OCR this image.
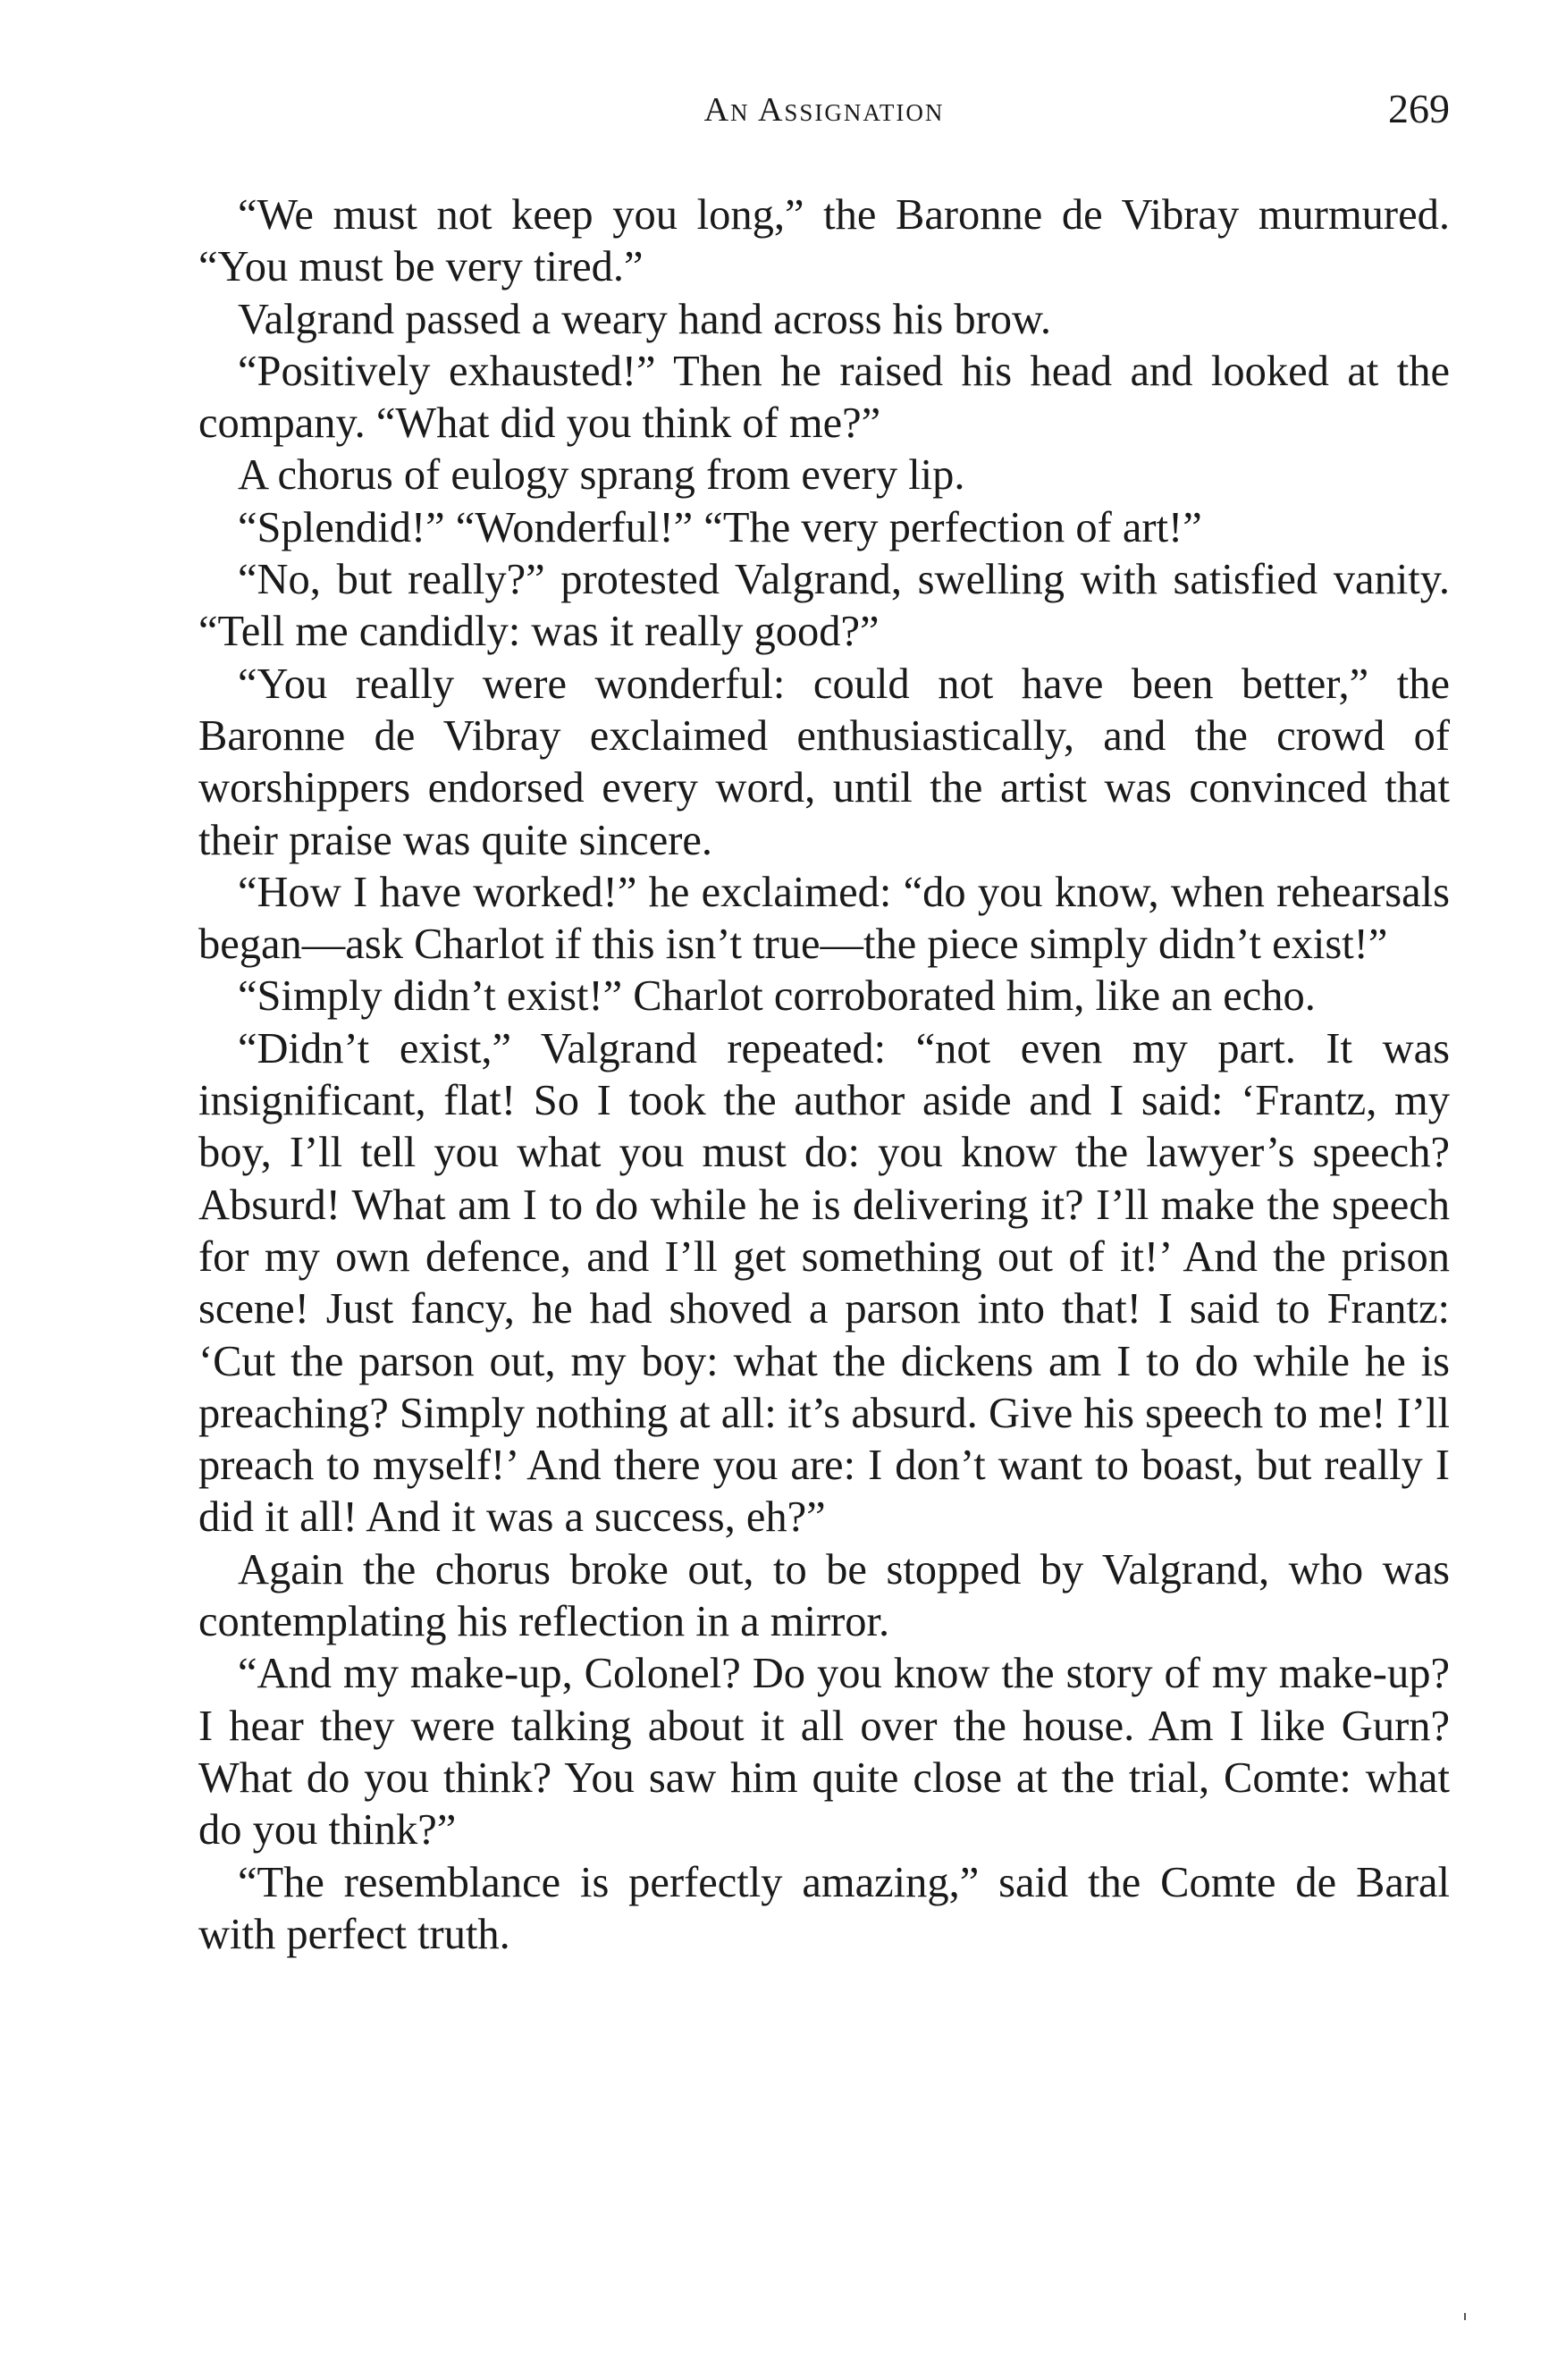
An Assignation	269

“We must not keep you long,” the Baronne de Vibray murmured. “You must be very tired.”

Valgrand passed a weary hand across his brow.

“Positively exhausted!” Then he raised his head and looked at the company. “What did you think of me?”

A chorus of eulogy sprang from every lip.

“Splendid!” “Wonderful!” “The very perfection of art!”

“No, but really?” protested Valgrand, swelling with satisfied vanity. “Tell me candidly: was it really good?”

“You really were wonderful: could not have been better,” the Baronne de Vibray exclaimed enthusiastically, and the crowd of worshippers endorsed every word, until the artist was convinced that their praise was quite sincere.

“How I have worked!” he exclaimed: “do you know, when rehearsals began—ask Charlot if this isn’t true—the piece simply didn’t exist!”

“Simply didn’t exist!” Charlot corroborated him, like an echo.

“Didn’t exist,” Valgrand repeated: “not even my part. It was insignificant, flat! So I took the author aside and I said: ‘Frantz, my boy, I’ll tell you what you must do: you know the lawyer’s speech? Absurd! What am I to do while he is delivering it? I’ll make the speech for my own defence, and I’ll get something out of it!’ And the prison scene! Just fancy, he had shoved a parson into that! I said to Frantz: ‘Cut the parson out, my boy: what the dickens am I to do while he is preaching? Simply nothing at all: it’s absurd. Give his speech to me! I’ll preach to myself!’ And there you are: I don’t want to boast, but really I did it all! And it was a success, eh?”

Again the chorus broke out, to be stopped by Valgrand, who was contemplating his reflection in a mirror.

“And my make-up, Colonel? Do you know the story of my make-up? I hear they were talking about it all over the house. Am I like Gurn? What do you think? You saw him quite close at the trial, Comte: what do you think?”

“The resemblance is perfectly amazing,” said the Comte de Baral with perfect truth.
